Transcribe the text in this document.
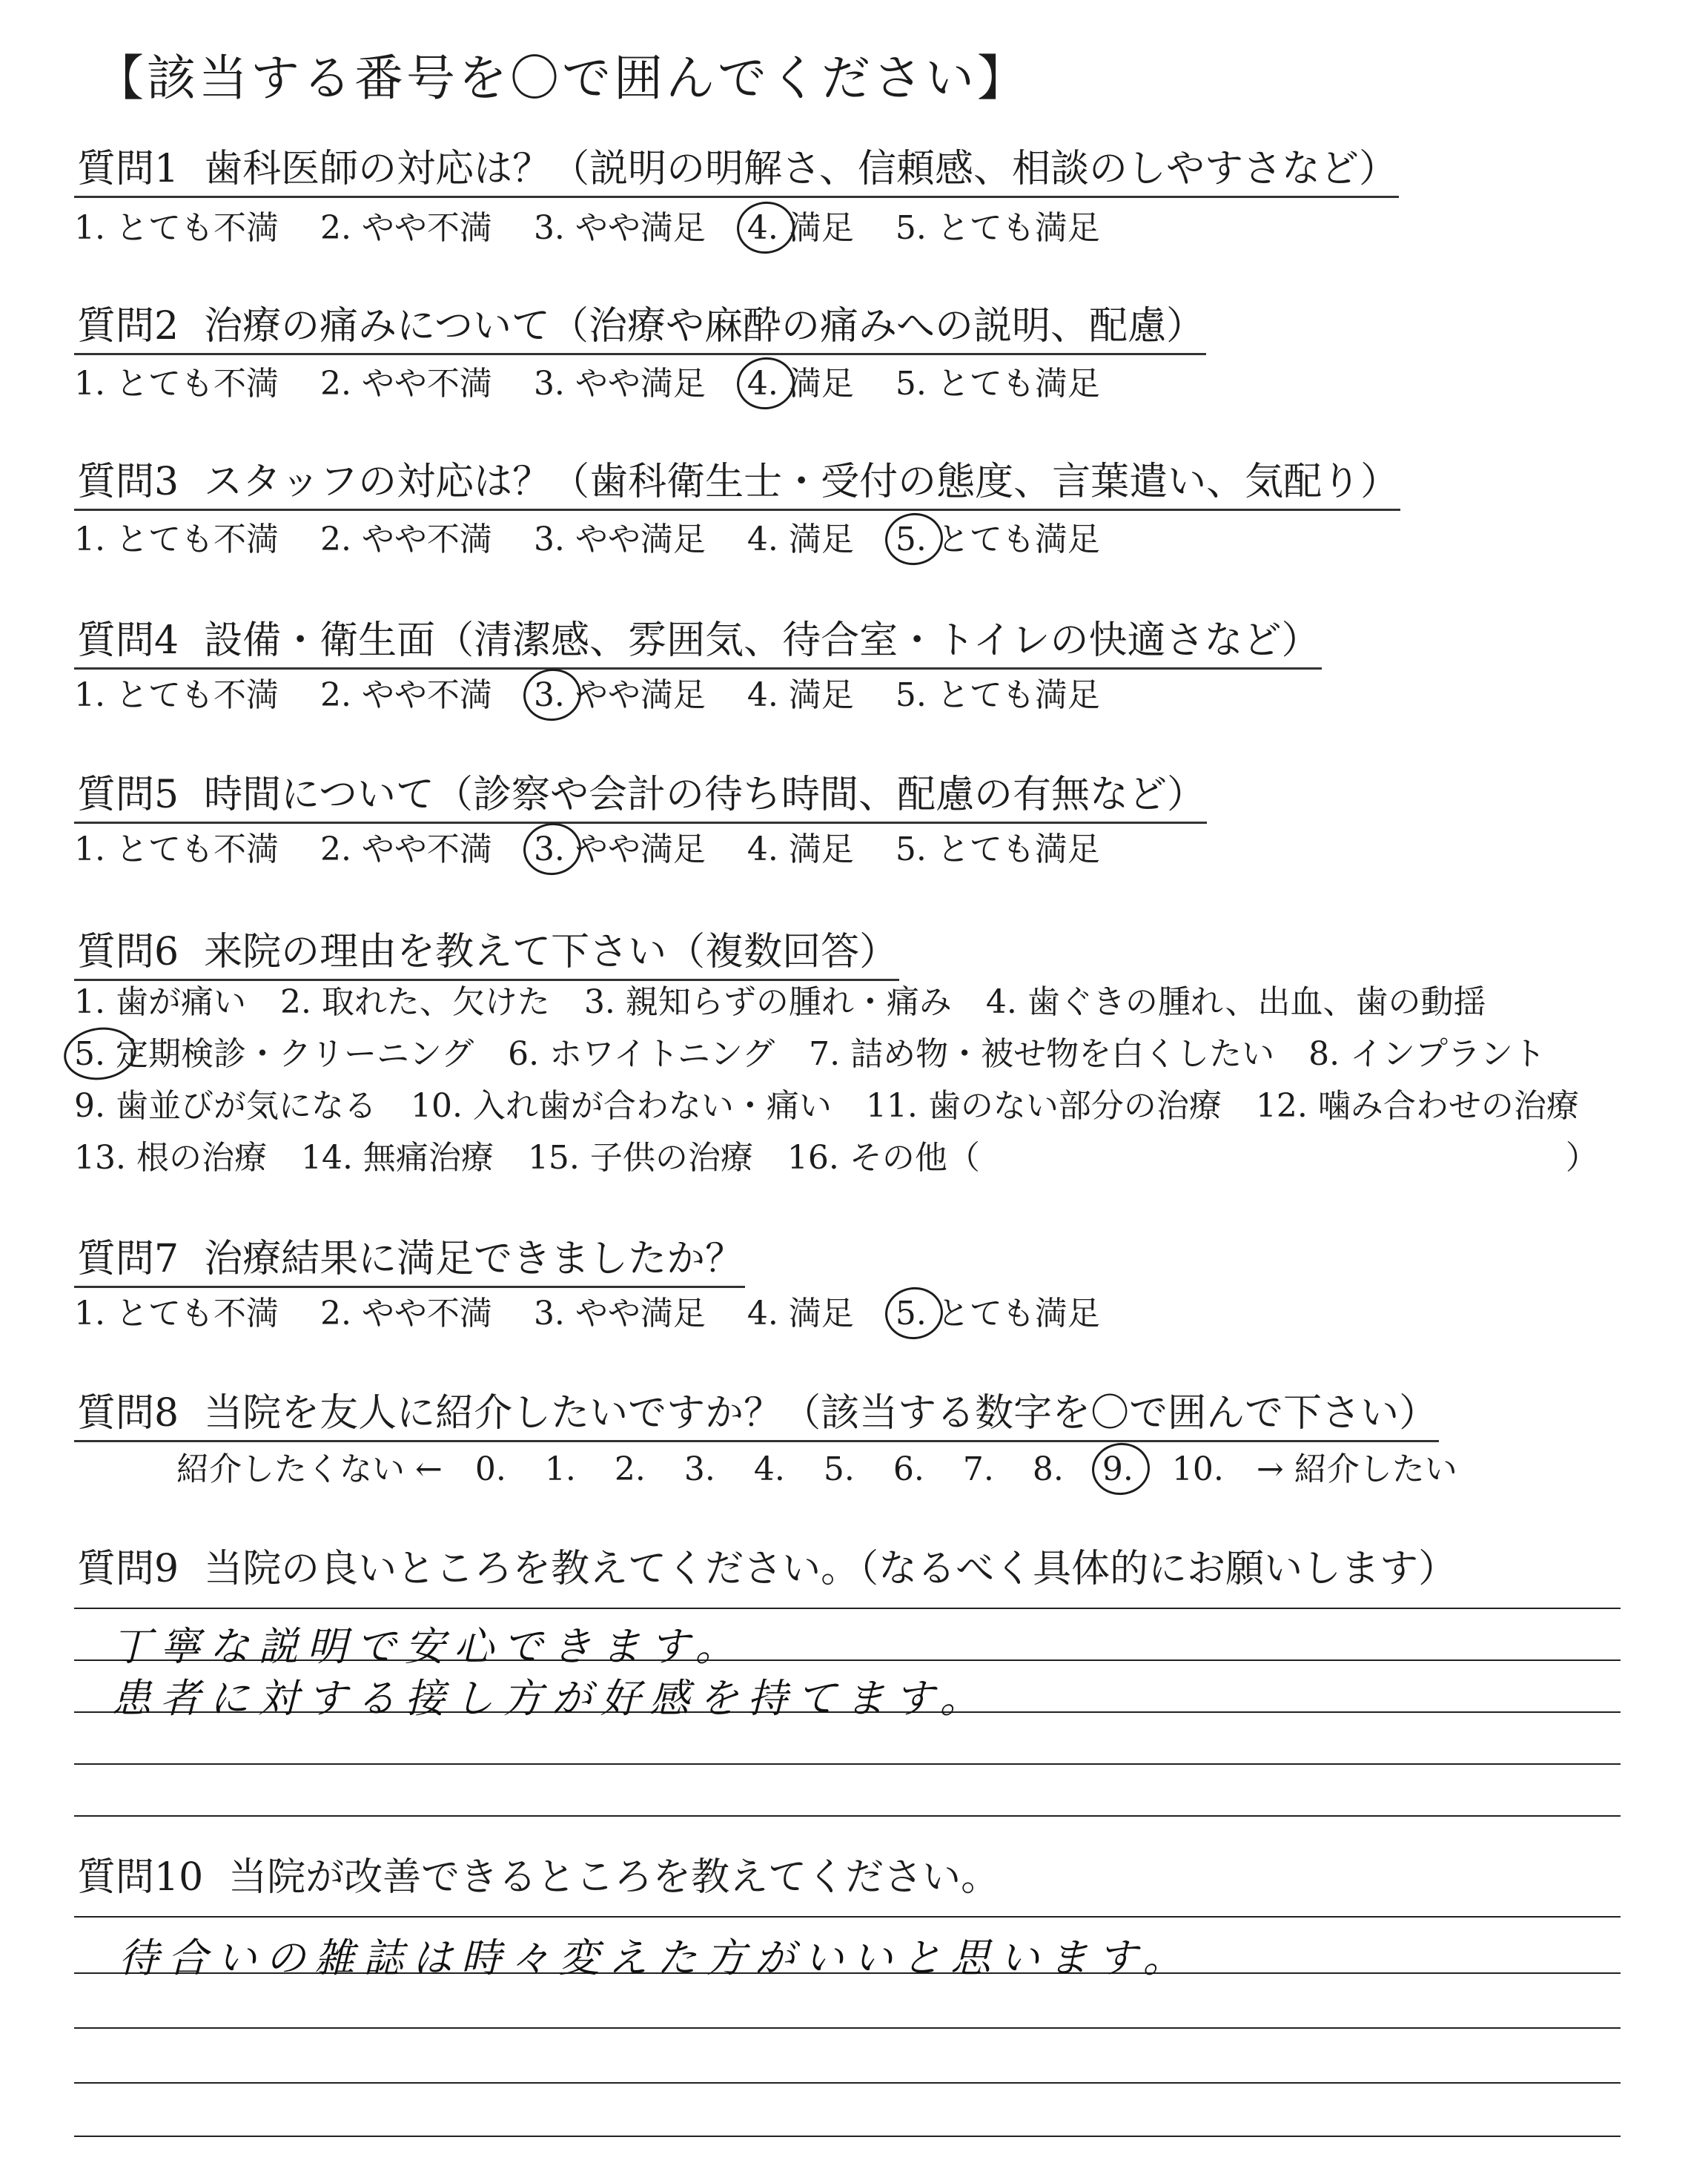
【該当する番号を〇で囲んでください】
質問1 歯科医師の対応は？（説明の明解さ、信頼感、相談のしやすさなど）
1. とても不満 2. やや不満 3. やや満足 4. 満足 5. とても満足
質問2 治療の痛みについて（治療や麻酔の痛みへの説明、配慮）
1. とても不満 2. やや不満 3. やや満足 4. 満足 5. とても満足
質問3 スタッフの対応は？（歯科衛生士・受付の態度、言葉遣い、気配り）
1. とても不満 2. やや不満 3. やや満足 4. 満足 5. とても満足
質問4 設備・衛生面（清潔感、雰囲気、待合室・トイレの快適さなど）
1. とても不満 2. やや不満 3. やや満足 4. 満足 5. とても満足
質問5 時間について（診察や会計の待ち時間、配慮の有無など）
1. とても不満 2. やや不満 3. やや満足 4. 満足 5. とても満足
質問6 来院の理由を教えて下さい（複数回答）
1. 歯が痛い 2. 取れた、欠けた 3. 親知らずの腫れ・痛み 4. 歯ぐきの腫れ、出血、歯の動揺
5. 定期検診・クリーニング 6. ホワイトニング 7. 詰め物・被せ物を白くしたい 8. インプラント
9. 歯並びが気になる 10. 入れ歯が合わない・痛い 11. 歯のない部分の治療 12. 噛み合わせの治療
13. 根の治療 14. 無痛治療 15. 子供の治療 16. その他（	）
質問7 治療結果に満足できましたか？
1. とても不満 2. やや不満 3. やや満足 4. 満足 5. とても満足
質問8 当院を友人に紹介したいですか？（該当する数字を〇で囲んで下さい）
紹介したくない ← 0. 1. 2. 3. 4. 5. 6. 7. 8. 9. 10. → 紹介したい
質問9 当院の良いところを教えてください。（なるべく具体的にお願いします）
丁寧な説明で安心できます。
患者に対する接し方が好感を持てます。
質問10 当院が改善できるところを教えてください。
待合いの雑誌は時々変えた方がいいと思います。
